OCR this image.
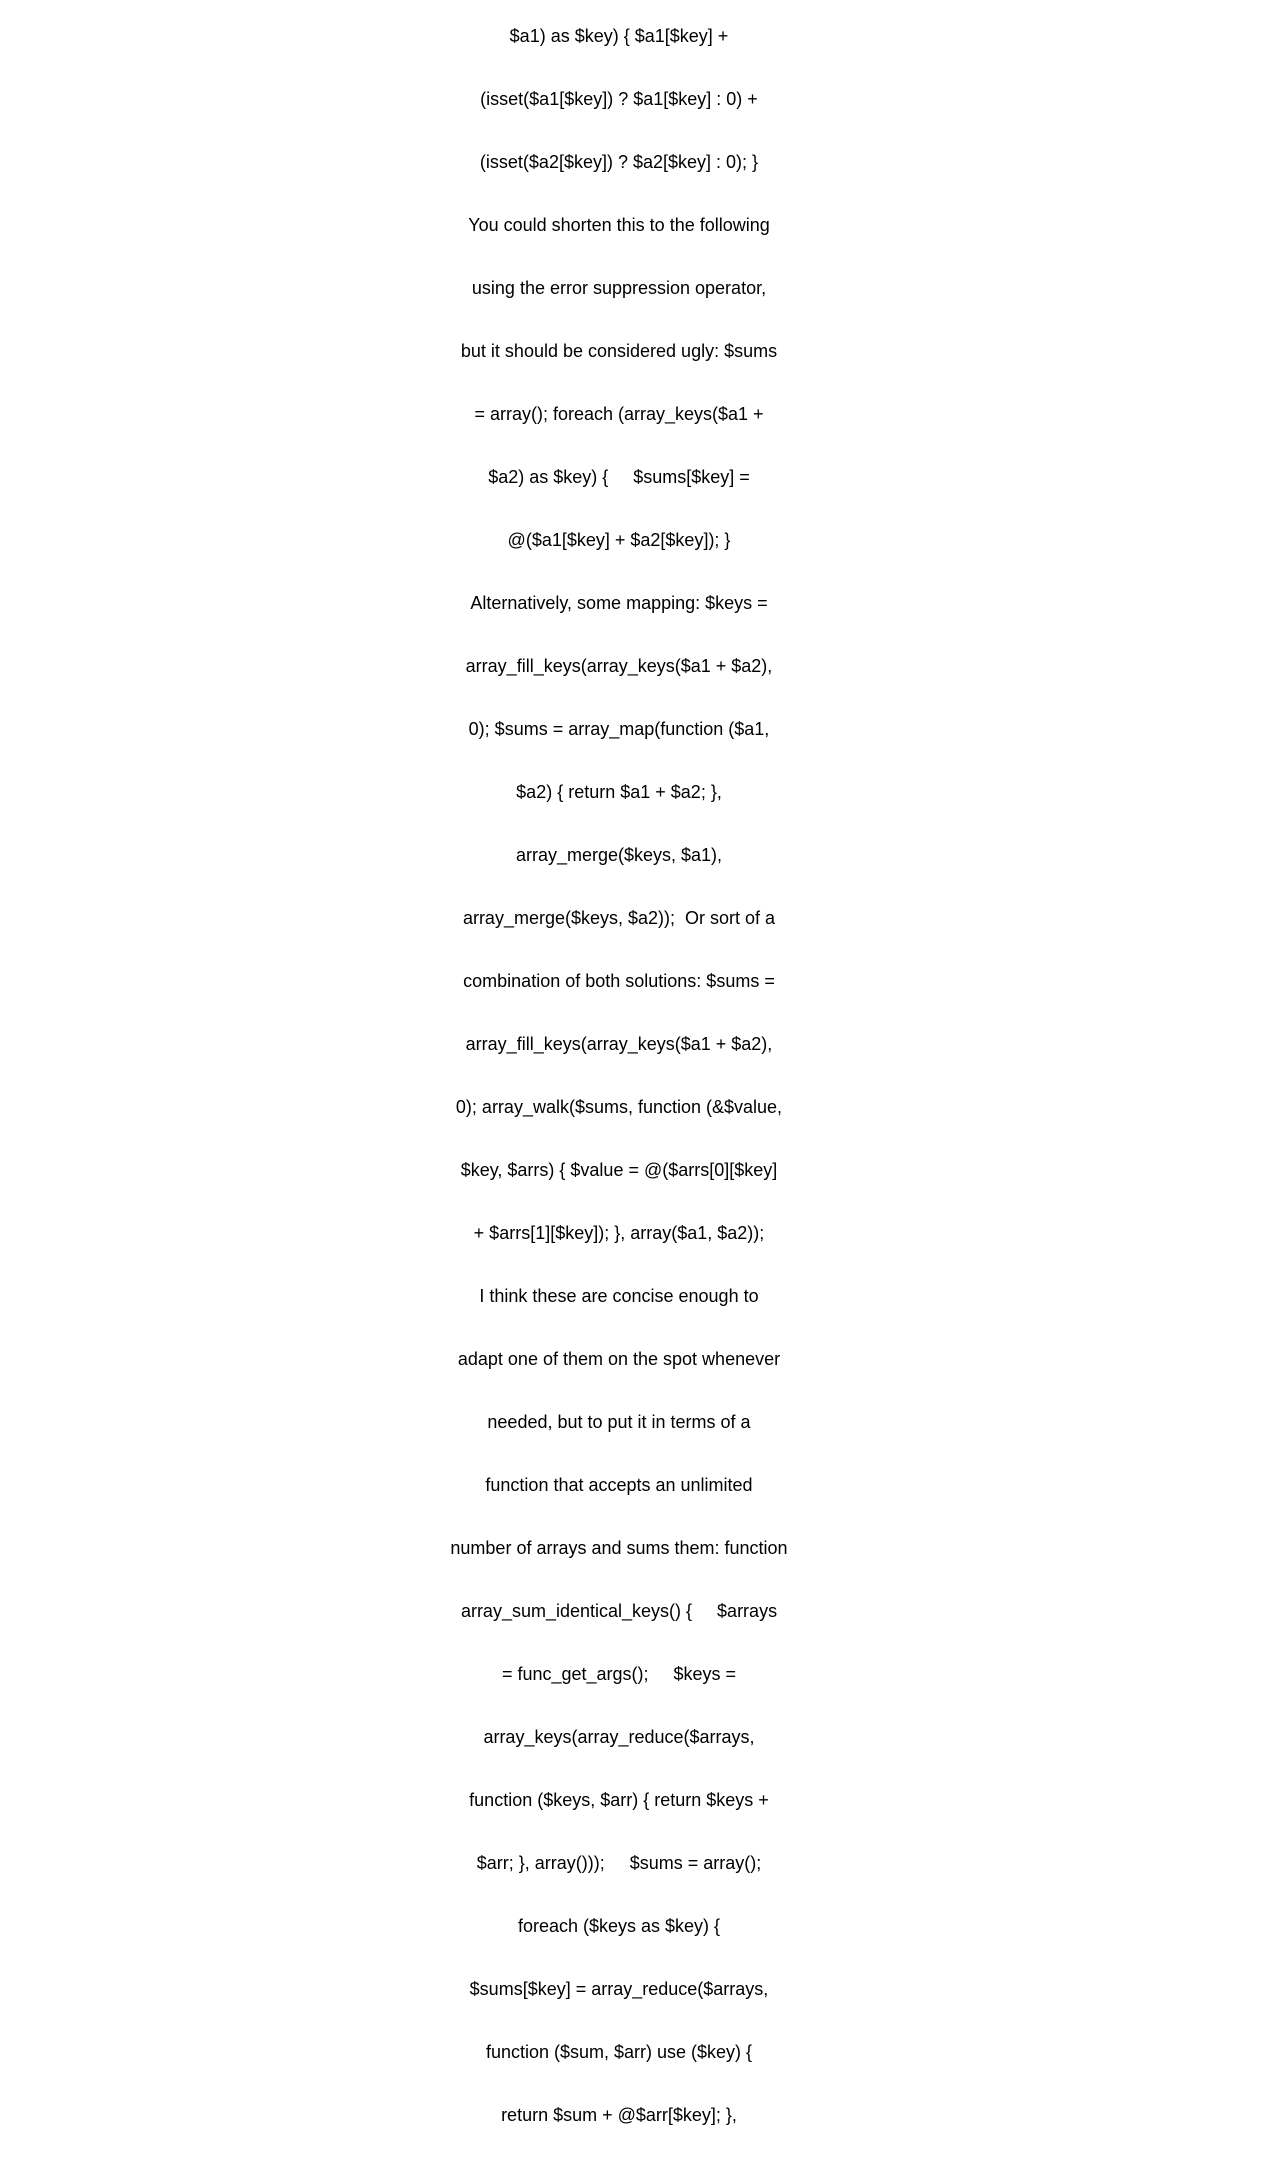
$a1) as $key) { $a1[$key] +

(isset($a1[$key]) ? $a1[$key] : 0) +

(isset($a2[$key]) ? $a2[$key] : 0); }

You could shorten this to the following

using the error suppression operator,

but it should be considered ugly: $sums

= array(); foreach (array_keys($a1 +

$a2) as $key) {     $sums[$key] =

@($a1[$key] + $a2[$key]); }

Alternatively, some mapping: $keys =

array_fill_keys(array_keys($a1 + $a2),

0); $sums = array_map(function ($a1,

$a2) { return $a1 + $a2; },

array_merge($keys, $a1),

array_merge($keys, $a2));  Or sort of a

combination of both solutions: $sums =

array_fill_keys(array_keys($a1 + $a2),

0); array_walk($sums, function (&$value,

$key, $arrs) { $value = @($arrs[0][$key]

+ $arrs[1][$key]); }, array($a1, $a2));

I think these are concise enough to

adapt one of them on the spot whenever

needed, but to put it in terms of a

function that accepts an unlimited

number of arrays and sums them: function

array_sum_identical_keys() {     $arrays

= func_get_args();     $keys =

array_keys(array_reduce($arrays,

function ($keys, $arr) { return $keys +

$arr; }, array()));     $sums = array();

foreach ($keys as $key) {

$sums[$key] = array_reduce($arrays,

function ($sum, $arr) use ($key) {

return $sum + @$arr[$key]; },
